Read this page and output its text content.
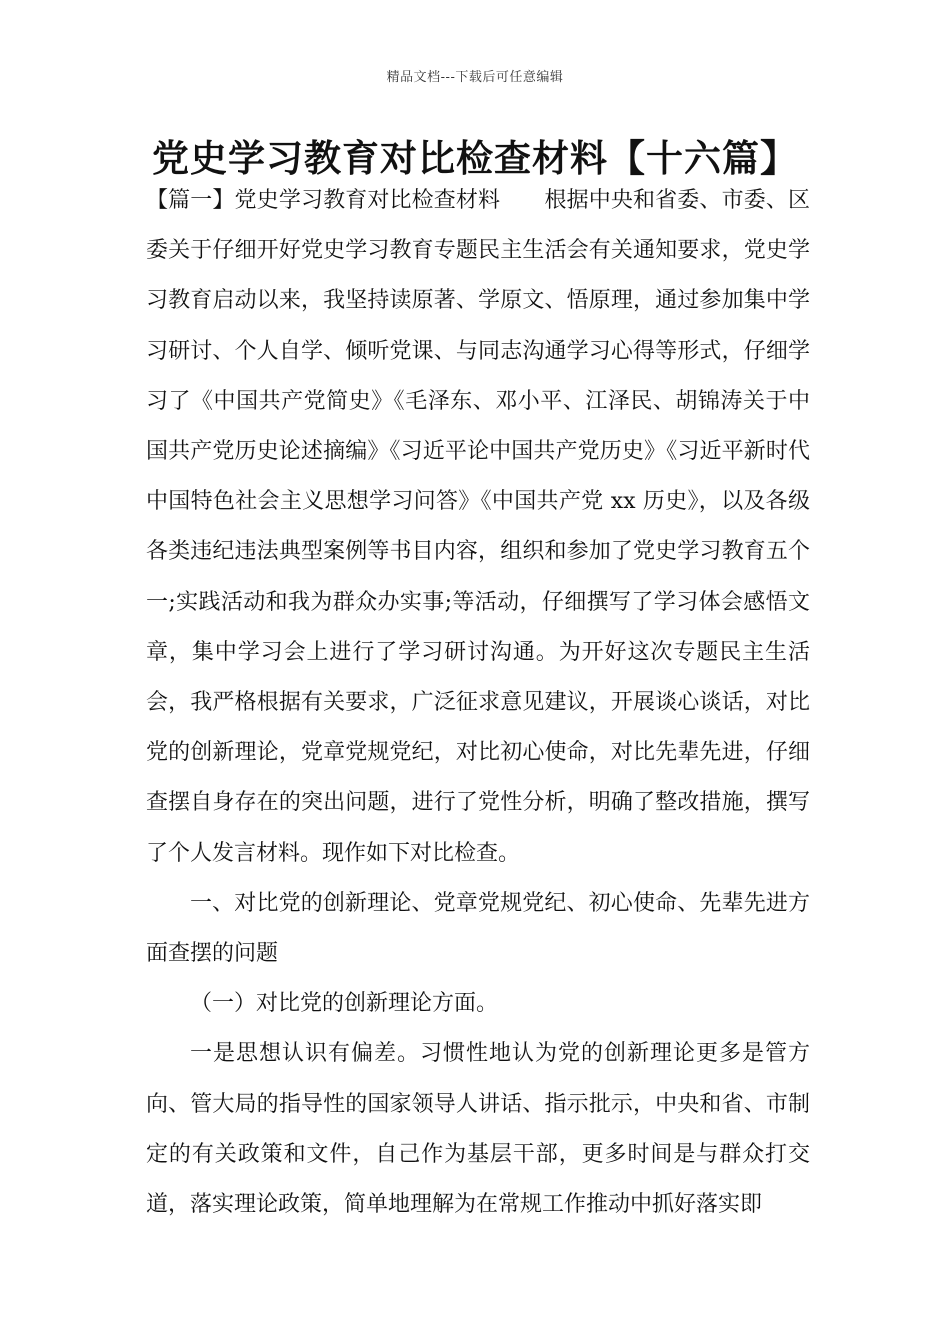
精品文档---下载后可任意编辑
党史学习教育对比检查材料【十六篇】

【篇一】党史学习教育对比检查材料　　根据中央和省委、市委、区委关于仔细开好党史学习教育专题民主生活会有关通知要求，党史学习教育启动以来，我坚持读原著、学原文、悟原理，通过参加集中学习研讨、个人自学、倾听党课、与同志沟通学习心得等形式，仔细学习了《中国共产党简史》《毛泽东、邓小平、江泽民、胡锦涛关于中国共产党历史论述摘编》《习近平论中国共产党历史》《习近平新时代中国特色社会主义思想学习问答》《中国共产党 xx 历史》，以及各级各类违纪违法典型案例等书目内容，组织和参加了党史学习教育五个一;实践活动和我为群众办实事;等活动，仔细撰写了学习体会感悟文章，集中学习会上进行了学习研讨沟通。为开好这次专题民主生活会，我严格根据有关要求，广泛征求意见建议，开展谈心谈话，对比党的创新理论，党章党规党纪，对比初心使命，对比先辈先进，仔细查摆自身存在的突出问题，进行了党性分析，明确了整改措施，撰写了个人发言材料。现作如下对比检查。

一、对比党的创新理论、党章党规党纪、初心使命、先辈先进方面查摆的问题

（一）对比党的创新理论方面。

一是思想认识有偏差。习惯性地认为党的创新理论更多是管方向、管大局的指导性的国家领导人讲话、指示批示，中央和省、市制定的有关政策和文件，自己作为基层干部，更多时间是与群众打交道，落实理论政策，简单地理解为在常规工作推动中抓好落实即
